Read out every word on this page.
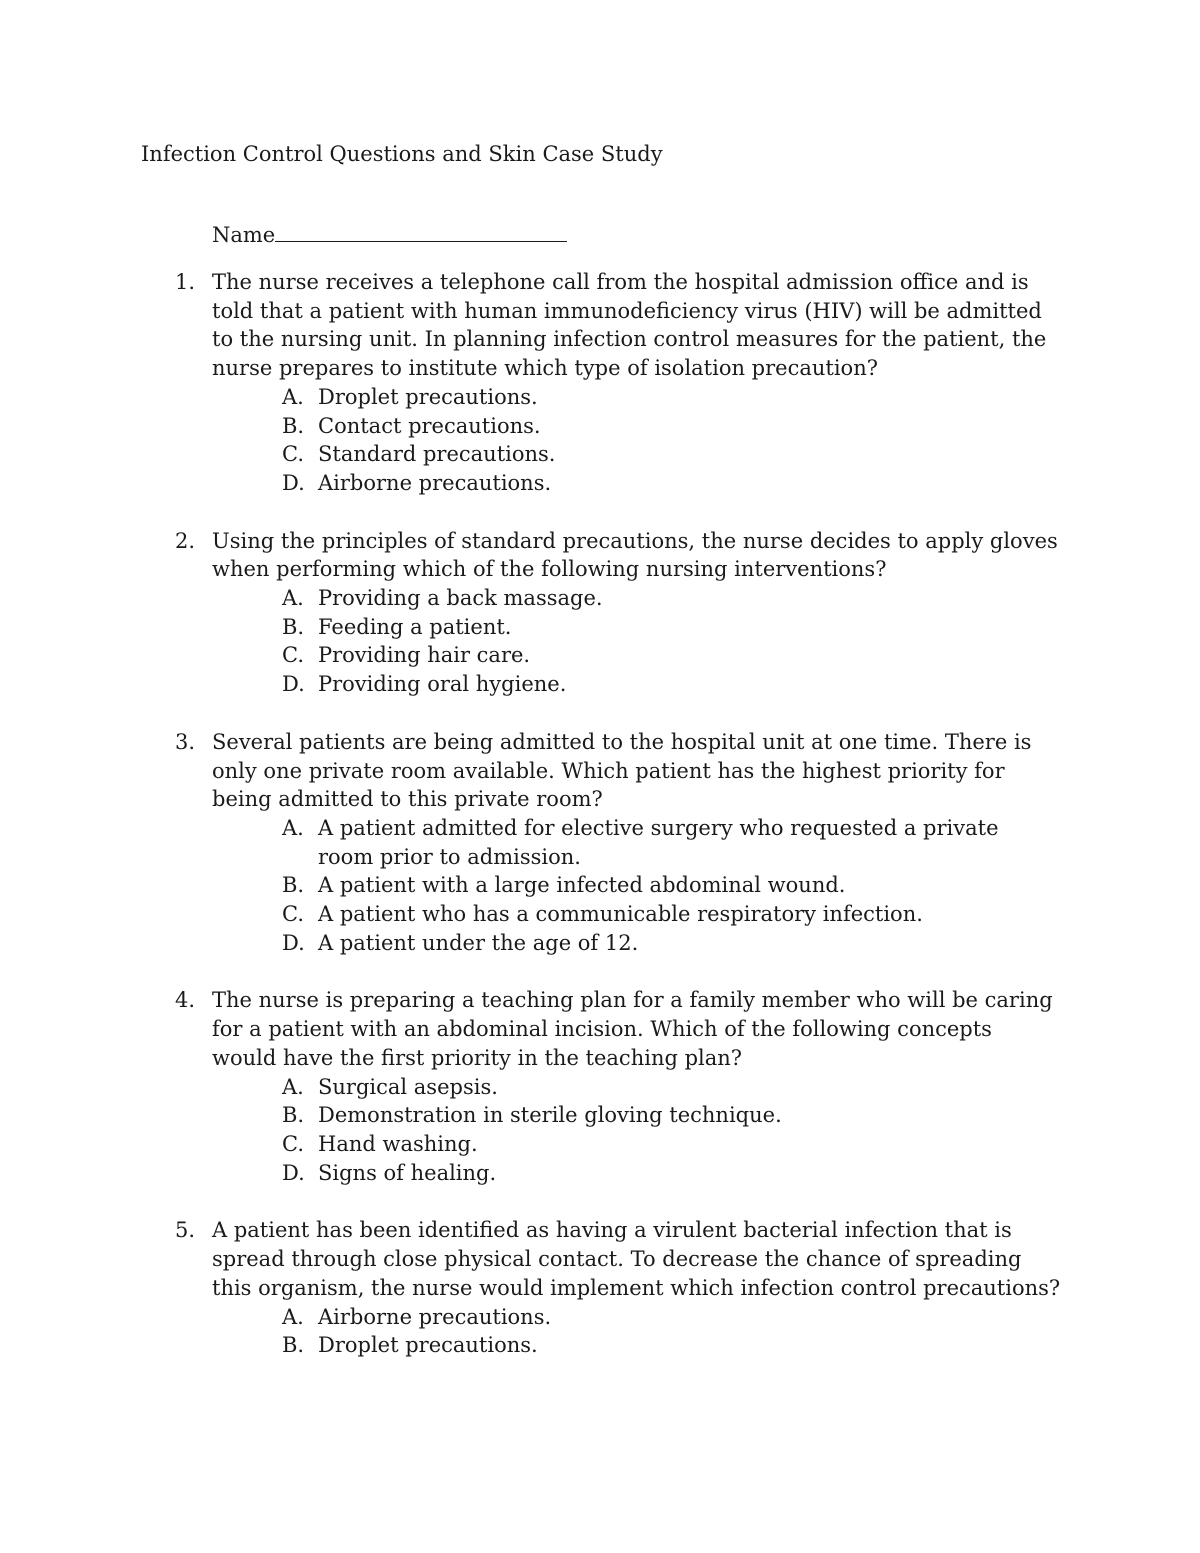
Infection Control Questions and Skin Case Study
Name
1. The nurse receives a telephone call from the hospital admission office and is told that a patient with human immunodeficiency virus (HIV) will be admitted to the nursing unit. In planning infection control measures for the patient, the nurse prepares to institute which type of isolation precaution?
A. Droplet precautions.
B. Contact precautions.
C. Standard precautions.
D. Airborne precautions.
2. Using the principles of standard precautions, the nurse decides to apply gloves when performing which of the following nursing interventions?
A. Providing a back massage.
B. Feeding a patient.
C. Providing hair care.
D. Providing oral hygiene.
3. Several patients are being admitted to the hospital unit at one time. There is only one private room available. Which patient has the highest priority for being admitted to this private room?
A. A patient admitted for elective surgery who requested a private room prior to admission.
B. A patient with a large infected abdominal wound.
C. A patient who has a communicable respiratory infection.
D. A patient under the age of 12.
4. The nurse is preparing a teaching plan for a family member who will be caring for a patient with an abdominal incision. Which of the following concepts would have the first priority in the teaching plan?
A. Surgical asepsis.
B. Demonstration in sterile gloving technique.
C. Hand washing.
D. Signs of healing.
5. A patient has been identified as having a virulent bacterial infection that is spread through close physical contact. To decrease the chance of spreading this organism, the nurse would implement which infection control precautions?
A. Airborne precautions.
B. Droplet precautions.
